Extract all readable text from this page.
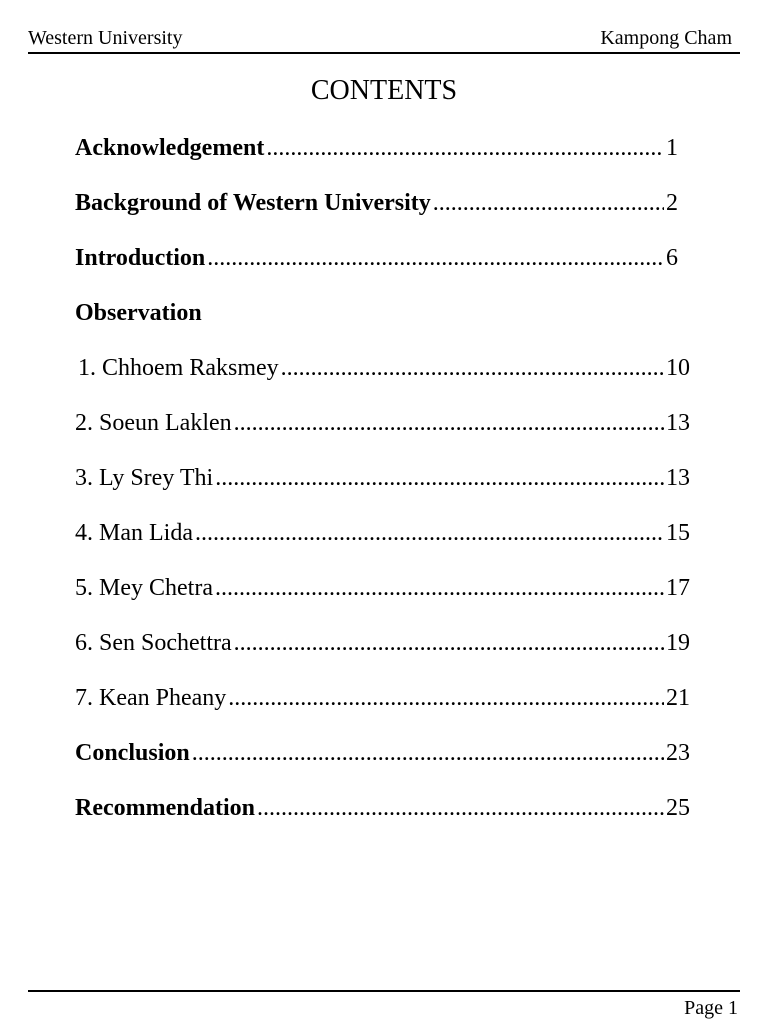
Western University	Kampong Cham
CONTENTS
Acknowledgement .....	1
Background of Western University .....	2
Introduction .....	6
Observation
1. Chhoem Raksmey .....	10
2. Soeun Laklen .....	13
3. Ly Srey Thi .....	13
4. Man Lida .....	15
5. Mey Chetra .....	17
6. Sen Sochettra .....	19
7. Kean Pheany .....	21
Conclusion .....	23
Recommendation .....	25
Page 1
